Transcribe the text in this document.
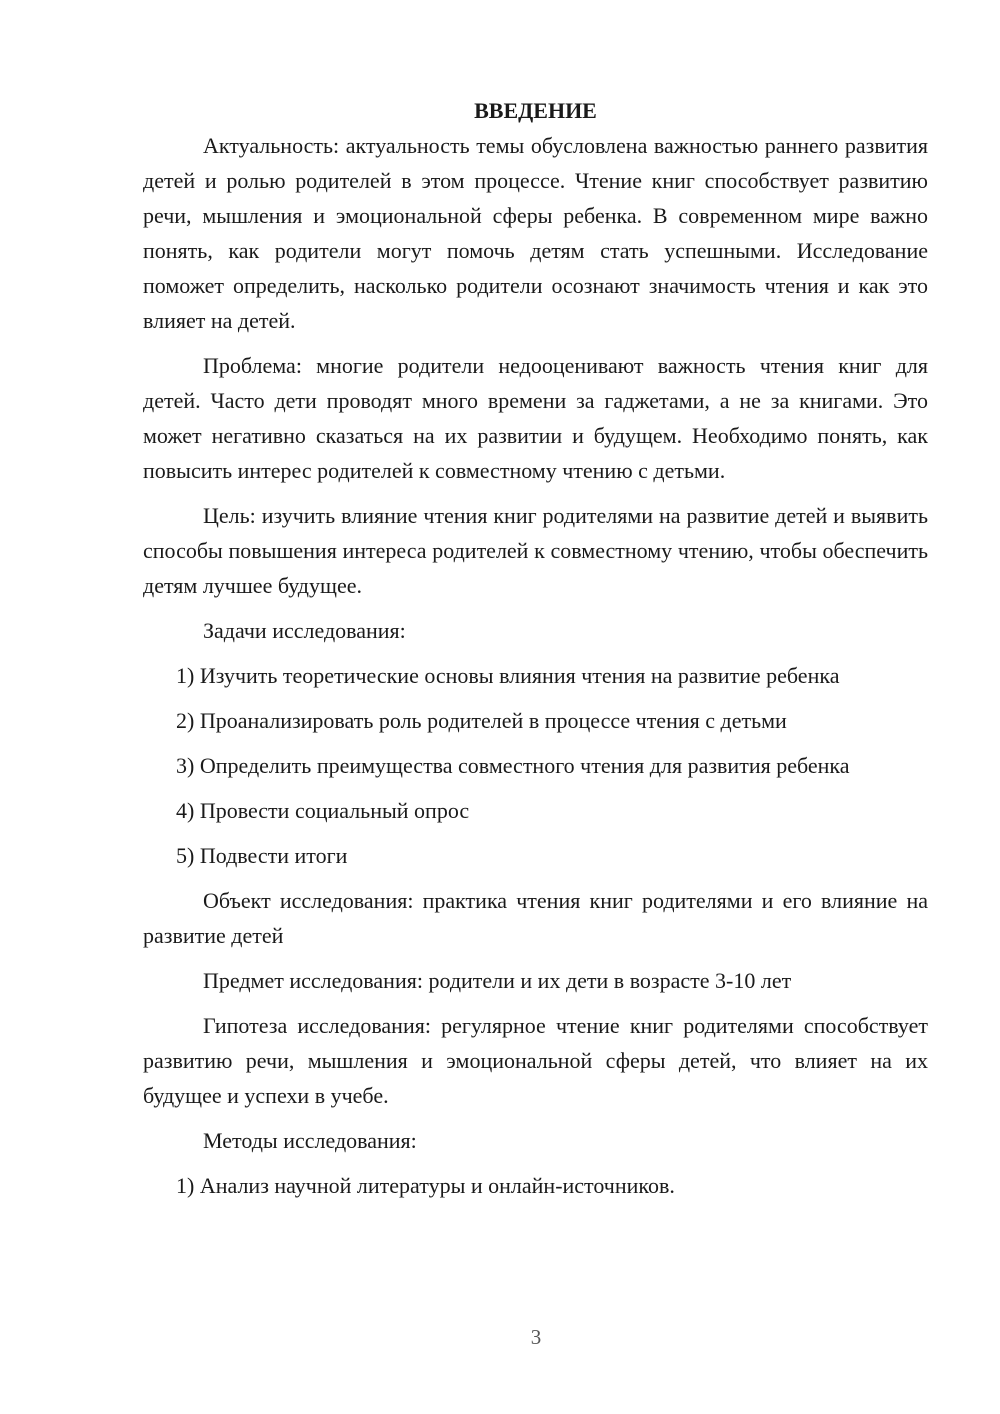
ВВЕДЕНИЕ

Актуальность: актуальность темы обусловлена важностью раннего развития детей и ролью родителей в этом процессе. Чтение книг способствует развитию речи, мышления и эмоциональной сферы ребенка. В современном мире важно понять, как родители могут помочь детям стать успешными. Исследование поможет определить, насколько родители осознают значимость чтения и как это влияет на детей.

Проблема: многие родители недооценивают важность чтения книг для детей. Часто дети проводят много времени за гаджетами, а не за книгами. Это может негативно сказаться на их развитии и будущем. Необходимо понять, как повысить интерес родителей к совместному чтению с детьми.

Цель: изучить влияние чтения книг родителями на развитие детей и выявить способы повышения интереса родителей к совместному чтению, чтобы обеспечить детям лучшее будущее.

Задачи исследования:

1) Изучить теоретические основы влияния чтения на развитие ребенка

2) Проанализировать роль родителей в процессе чтения с детьми

3) Определить преимущества совместного чтения для развития ребенка

4) Провести социальный опрос

5) Подвести итоги

Объект исследования: практика чтения книг родителями и его влияние на развитие детей

Предмет исследования: родители и их дети в возрасте 3-10 лет

Гипотеза исследования: регулярное чтение книг родителями способствует развитию речи, мышления и эмоциональной сферы детей, что влияет на их будущее и успехи в учебе.

Методы исследования:

1) Анализ научной литературы и онлайн-источников.

3
